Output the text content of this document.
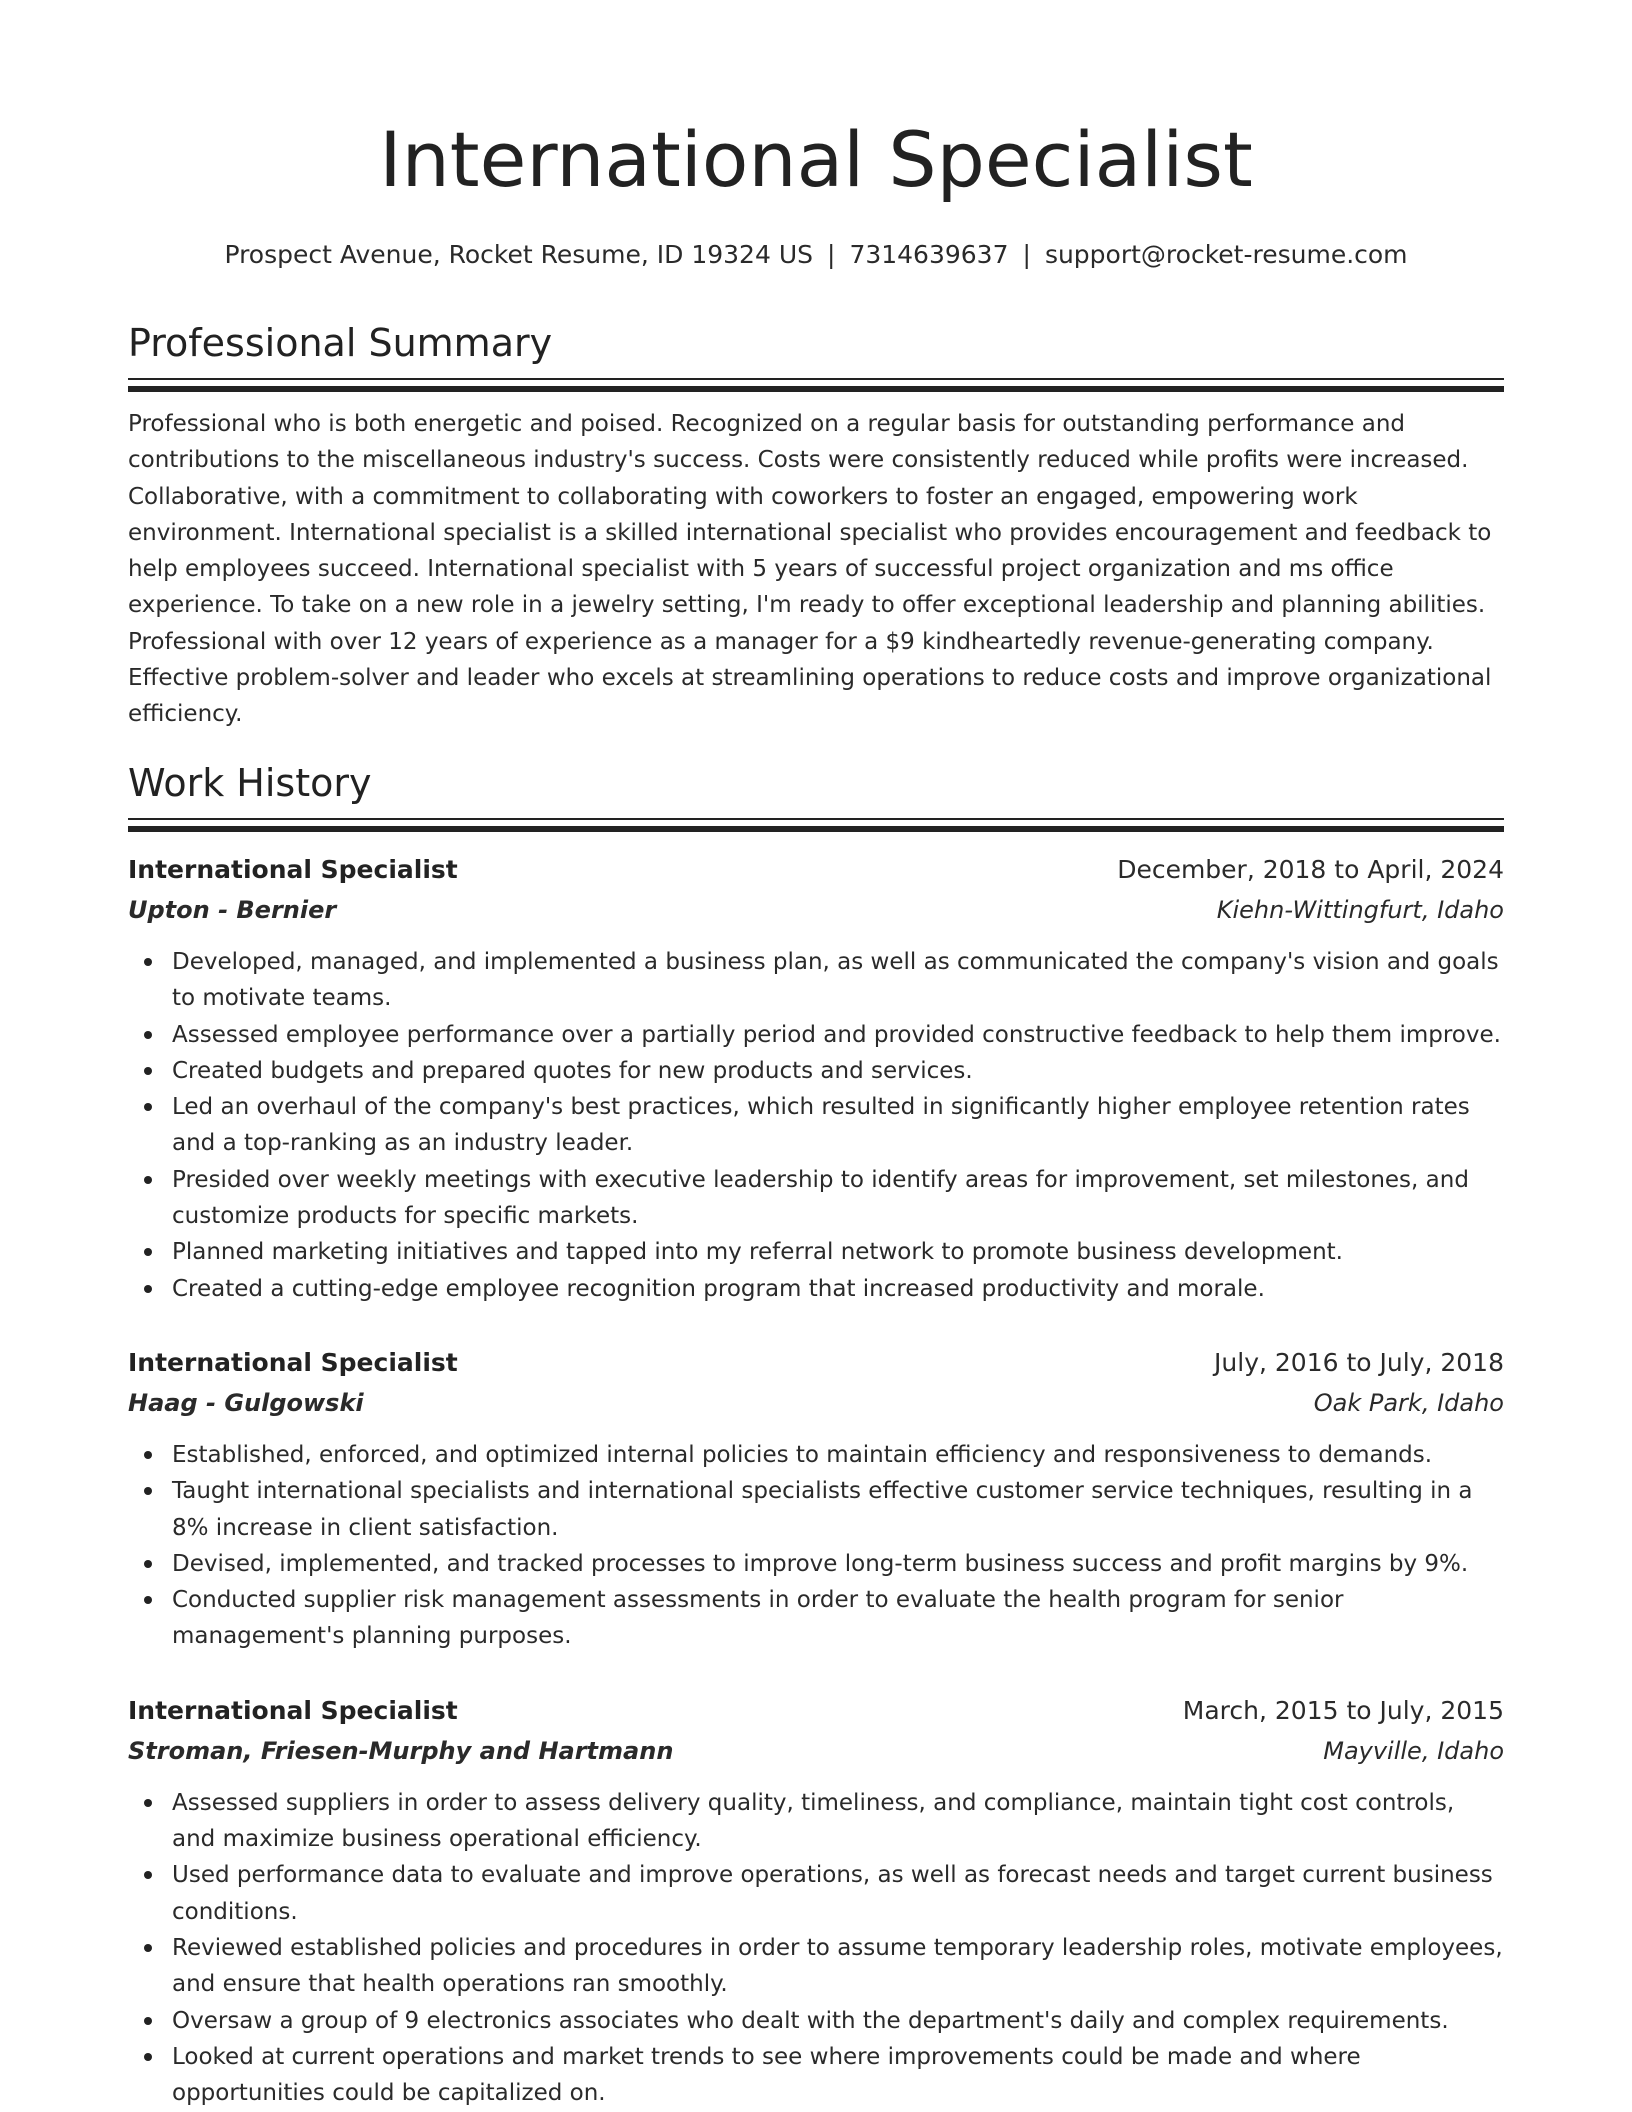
International Specialist
Prospect Avenue, Rocket Resume, ID 19324 US | 7314639637 | support@rocket-resume.com
Professional Summary
Professional who is both energetic and poised. Recognized on a regular basis for outstanding performance and contributions to the miscellaneous industry's success. Costs were consistently reduced while profits were increased. Collaborative, with a commitment to collaborating with coworkers to foster an engaged, empowering work environment. International specialist is a skilled international specialist who provides encouragement and feedback to help employees succeed. International specialist with 5 years of successful project organization and ms office experience. To take on a new role in a jewelry setting, I'm ready to offer exceptional leadership and planning abilities. Professional with over 12 years of experience as a manager for a $9 kindheartedly revenue-generating company. Effective problem-solver and leader who excels at streamlining operations to reduce costs and improve organizational efficiency.
Work History
International Specialist	December, 2018 to April, 2024
Upton - Bernier	Kiehn-Wittingfurt, Idaho
Developed, managed, and implemented a business plan, as well as communicated the company's vision and goals to motivate teams.
Assessed employee performance over a partially period and provided constructive feedback to help them improve.
Created budgets and prepared quotes for new products and services.
Led an overhaul of the company's best practices, which resulted in significantly higher employee retention rates and a top-ranking as an industry leader.
Presided over weekly meetings with executive leadership to identify areas for improvement, set milestones, and customize products for specific markets.
Planned marketing initiatives and tapped into my referral network to promote business development.
Created a cutting-edge employee recognition program that increased productivity and morale.
International Specialist	July, 2016 to July, 2018
Haag - Gulgowski	Oak Park, Idaho
Established, enforced, and optimized internal policies to maintain efficiency and responsiveness to demands.
Taught international specialists and international specialists effective customer service techniques, resulting in a 8% increase in client satisfaction.
Devised, implemented, and tracked processes to improve long-term business success and profit margins by 9%.
Conducted supplier risk management assessments in order to evaluate the health program for senior management's planning purposes.
International Specialist	March, 2015 to July, 2015
Stroman, Friesen-Murphy and Hartmann	Mayville, Idaho
Assessed suppliers in order to assess delivery quality, timeliness, and compliance, maintain tight cost controls, and maximize business operational efficiency.
Used performance data to evaluate and improve operations, as well as forecast needs and target current business conditions.
Reviewed established policies and procedures in order to assume temporary leadership roles, motivate employees, and ensure that health operations ran smoothly.
Oversaw a group of 9 electronics associates who dealt with the department's daily and complex requirements.
Looked at current operations and market trends to see where improvements could be made and where opportunities could be capitalized on.
